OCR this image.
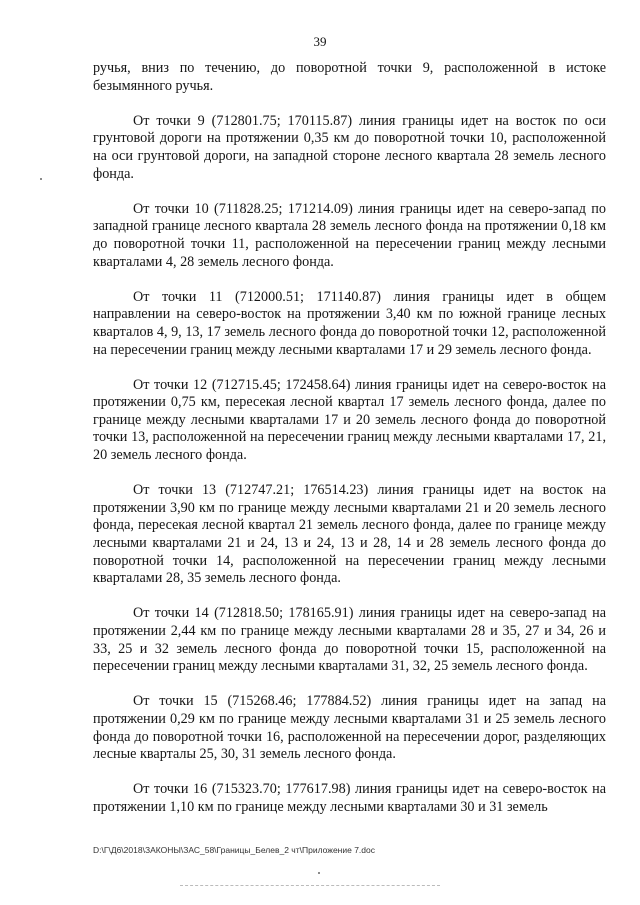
39

ручья, вниз по течению, до поворотной точки 9, расположенной в истоке безымянного ручья.

От точки 9 (712801.75; 170115.87) линия границы идет на восток по оси грунтовой дороги на протяжении 0,35 км до поворотной точки 10, расположенной на оси грунтовой дороги, на западной стороне лесного квартала 28 земель лесного фонда.

От точки 10 (711828.25; 171214.09) линия границы идет на северо-запад по западной границе лесного квартала 28 земель лесного фонда на протяжении 0,18 км до поворотной точки 11, расположенной на пересечении границ между лесными кварталами 4, 28 земель лесного фонда.

От точки 11 (712000.51; 171140.87) линия границы идет в общем направлении на северо-восток на протяжении 3,40 км по южной границе лесных кварталов 4, 9, 13, 17 земель лесного фонда до поворотной точки 12, расположенной на пересечении границ между лесными кварталами 17 и 29 земель лесного фонда.

От точки 12 (712715.45; 172458.64) линия границы идет на северо-восток на протяжении 0,75 км, пересекая лесной квартал 17 земель лесного фонда, далее по границе между лесными кварталами 17 и 20 земель лесного фонда до поворотной точки 13, расположенной на пересечении границ между лесными кварталами 17, 21, 20 земель лесного фонда.

От точки 13 (712747.21; 176514.23) линия границы идет на восток на протяжении 3,90 км по границе между лесными кварталами 21 и 20 земель лесного фонда, пересекая лесной квартал 21 земель лесного фонда, далее по границе между лесными кварталами 21 и 24, 13 и 24, 13 и 28, 14 и 28 земель лесного фонда до поворотной точки 14, расположенной на пересечении границ между лесными кварталами 28, 35 земель лесного фонда.

От точки 14 (712818.50; 178165.91) линия границы идет на северо-запад на протяжении 2,44 км по границе между лесными кварталами 28 и 35, 27 и 34, 26 и 33, 25 и 32 земель лесного фонда до поворотной точки 15, расположенной на пересечении границ между лесными кварталами 31, 32, 25 земель лесного фонда.

От точки 15 (715268.46; 177884.52) линия границы идет на запад на протяжении 0,29 км по границе между лесными кварталами 31 и 25 земель лесного фонда до поворотной точки 16, расположенной на пересечении дорог, разделяющих лесные кварталы 25, 30, 31 земель лесного фонда.

От точки 16 (715323.70; 177617.98) линия границы идет на северо-восток на протяжении 1,10 км по границе между лесными кварталами 30 и 31 земель

D:\Г\Д6\2018\ЗАКОНЫ\ЗАС_58\Границы_Белев_2 чт\Приложение 7.doc
